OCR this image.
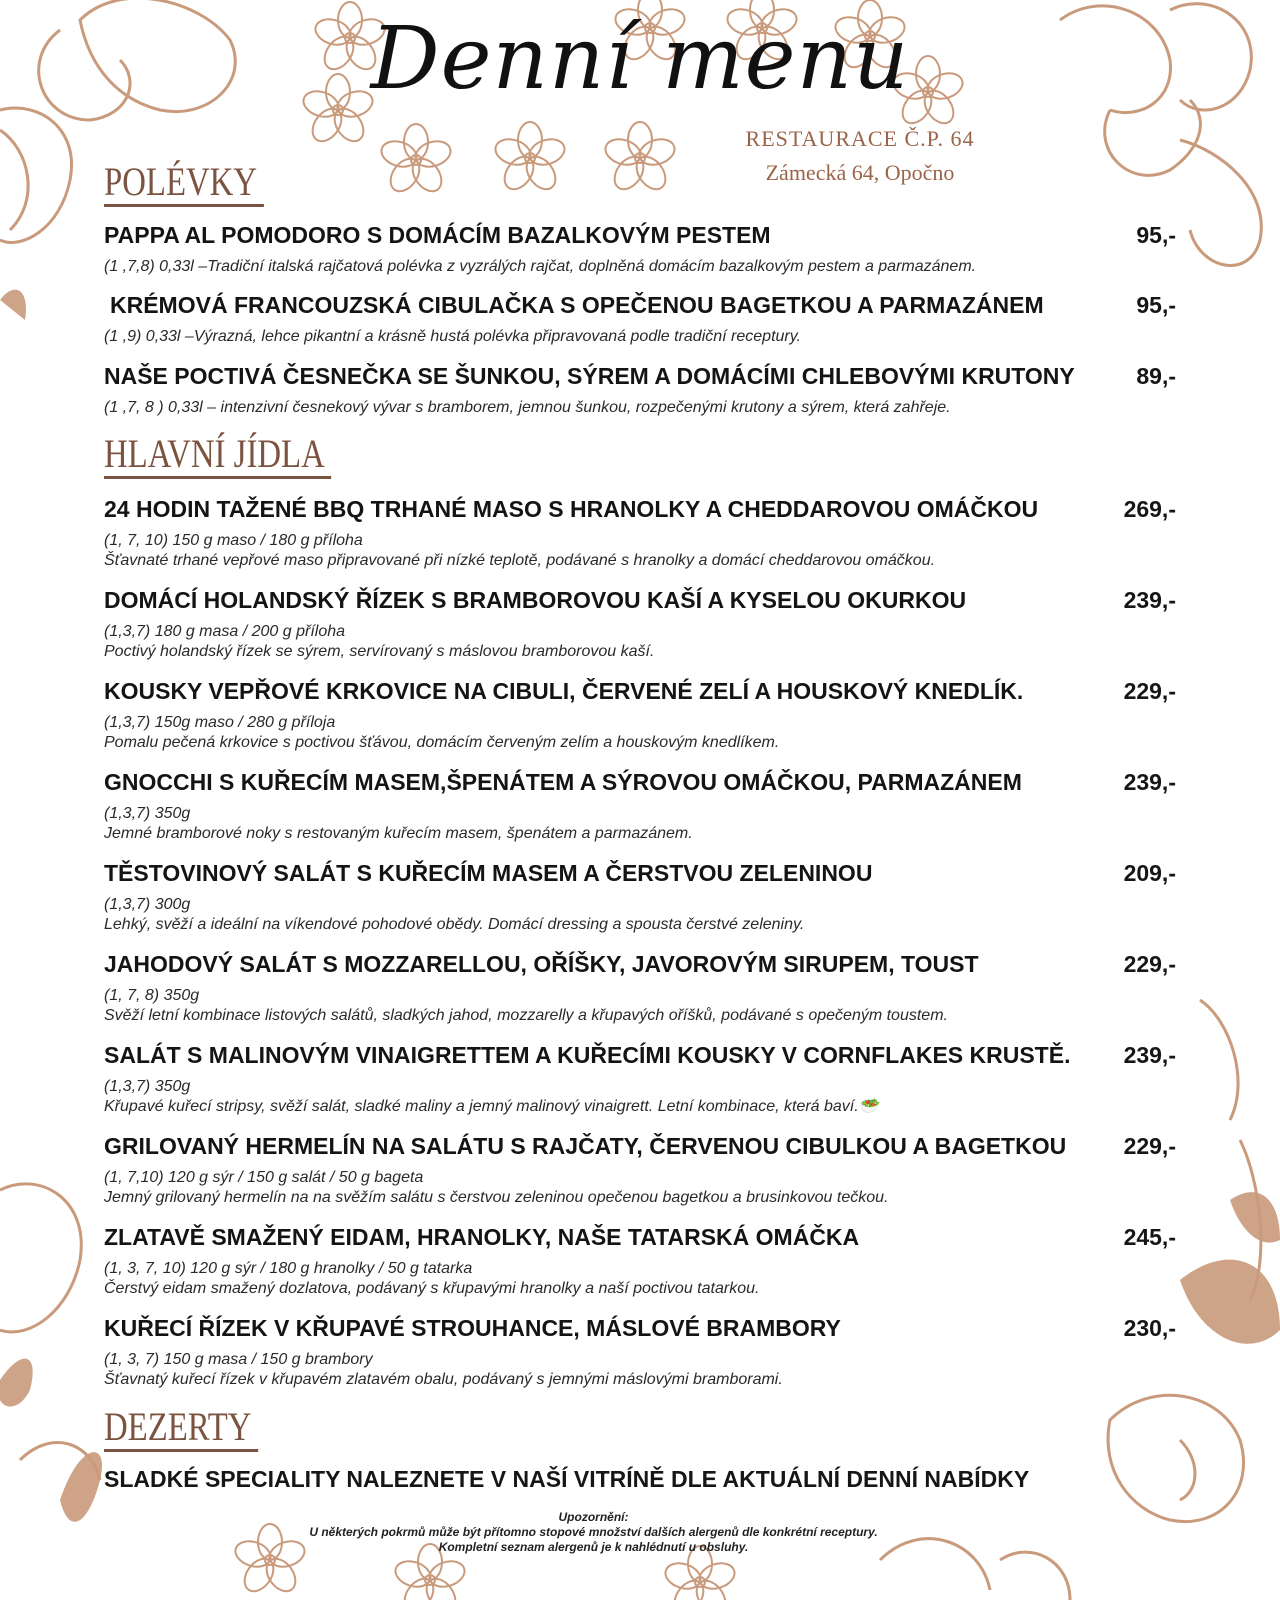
Denní menu
RESTAURACE Č.P. 64
Zámecká 64, Opočno
POLÉVKY
PAPPA AL POMODORO S DOMÁCÍM BAZALKOVÝM PESTEM	95,-
(1 ,7,8) 0,33l –Tradiční italská rajčatová polévka z vyzrálých rajčat, doplněná domácím bazalkovým pestem a parmazánem.
KRÉMOVÁ FRANCOUZSKÁ CIBULAČKA S OPEČENOU BAGETKOU A PARMAZÁNEM	95,-
(1 ,9) 0,33l –Výrazná, lehce pikantní a krásně hustá polévka připravovaná podle tradiční receptury.
NAŠE POCTIVÁ ČESNEČKA SE ŠUNKOU, SÝREM A DOMÁCÍMI CHLEBOVÝMI KRUTONY	89,-
(1 ,7, 8 ) 0,33l – intenzivní česnekový vývar s bramborem, jemnou šunkou, rozpečenými krutony a sýrem, která zahřeje.
HLAVNÍ JÍDLA
24 HODIN TAŽENÉ BBQ TRHANÉ MASO S HRANOLKY A CHEDDAROVOU OMÁČKOU	269,-
(1, 7, 10) 150 g maso / 180 g příloha
Šťavnaté trhané vepřové maso připravované při nízké teplotě, podávané s hranolky a domácí cheddarovou omáčkou.
DOMÁCÍ HOLANDSKÝ ŘÍZEK S BRAMBOROVOU KAŠÍ A KYSELOU OKURKOU	239,-
(1,3,7) 180 g masa / 200 g příloha
Poctivý holandský řízek se sýrem, servírovaný s máslovou bramborovou kaší.
KOUSKY VEPŘOVÉ KRKOVICE NA CIBULI, ČERVENÉ ZELÍ A HOUSKOVÝ KNEDLÍK.	229,-
(1,3,7) 150g maso / 280 g příloja
Pomalu pečená krkovice s poctivou šťávou, domácím červeným zelím a houskovým knedlíkem.
GNOCCHI S KUŘECÍM MASEM,ŠPENÁTEM A SÝROVOU OMÁČKOU, PARMAZÁNEM	239,-
(1,3,7) 350g
Jemné bramborové noky s restovaným kuřecím masem, špenátem a parmazánem.
TĚSTOVINOVÝ SALÁT S KUŘECÍM MASEM A ČERSTVOU ZELENINOU	209,-
(1,3,7) 300g
Lehký, svěží a ideální na víkendové pohodové obědy. Domácí dressing a spousta čerstvé zeleniny.
JAHODOVÝ SALÁT S MOZZARELLOU, OŘÍŠKY, JAVOROVÝM SIRUPEM, TOUST	229,-
(1, 7, 8) 350g
Svěží letní kombinace listových salátů, sladkých jahod, mozzarelly a křupavých oříšků, podávané s opečeným toustem.
SALÁT S MALINOVÝM VINAIGRETTEM A KUŘECÍMI KOUSKY V CORNFLAKES KRUSTĚ.	239,-
(1,3,7) 350g
Křupavé kuřecí stripsy, svěží salát, sladké maliny a jemný malinový vinaigrett. Letní kombinace, která baví.🥗
GRILOVANÝ HERMELÍN NA SALÁTU S RAJČATY, ČERVENOU CIBULKOU A BAGETKOU	229,-
(1, 7,10) 120 g sýr / 150 g salát / 50 g bageta
Jemný grilovaný hermelín na na svěžím salátu s čerstvou zeleninou opečenou bagetkou a brusinkovou tečkou.
ZLATAVĚ SMAŽENÝ EIDAM, HRANOLKY, NAŠE TATARSKÁ OMÁČKA	245,-
(1, 3, 7, 10) 120 g sýr / 180 g hranolky / 50 g tatarka
Čerstvý eidam smažený dozlatova, podávaný s křupavými hranolky a naší poctivou tatarkou.
KUŘECÍ ŘÍZEK V KŘUPAVÉ STROUHANCE, MÁSLOVÉ BRAMBORY	230,-
(1, 3, 7) 150 g masa / 150 g brambory
Šťavnatý kuřecí řízek v křupavém zlatavém obalu, podávaný s jemnými máslovými bramborami.
DEZERTY
SLADKÉ SPECIALITY NALEZNETE V NAŠÍ VITRÍNĚ DLE AKTUÁLNÍ DENNÍ NABÍDKY
Upozornění:
U některých pokrmů může být přítomno stopové množství dalších alergenů dle konkrétní receptury.
Kompletní seznam alergenů je k nahlédnutí u obsluhy.
